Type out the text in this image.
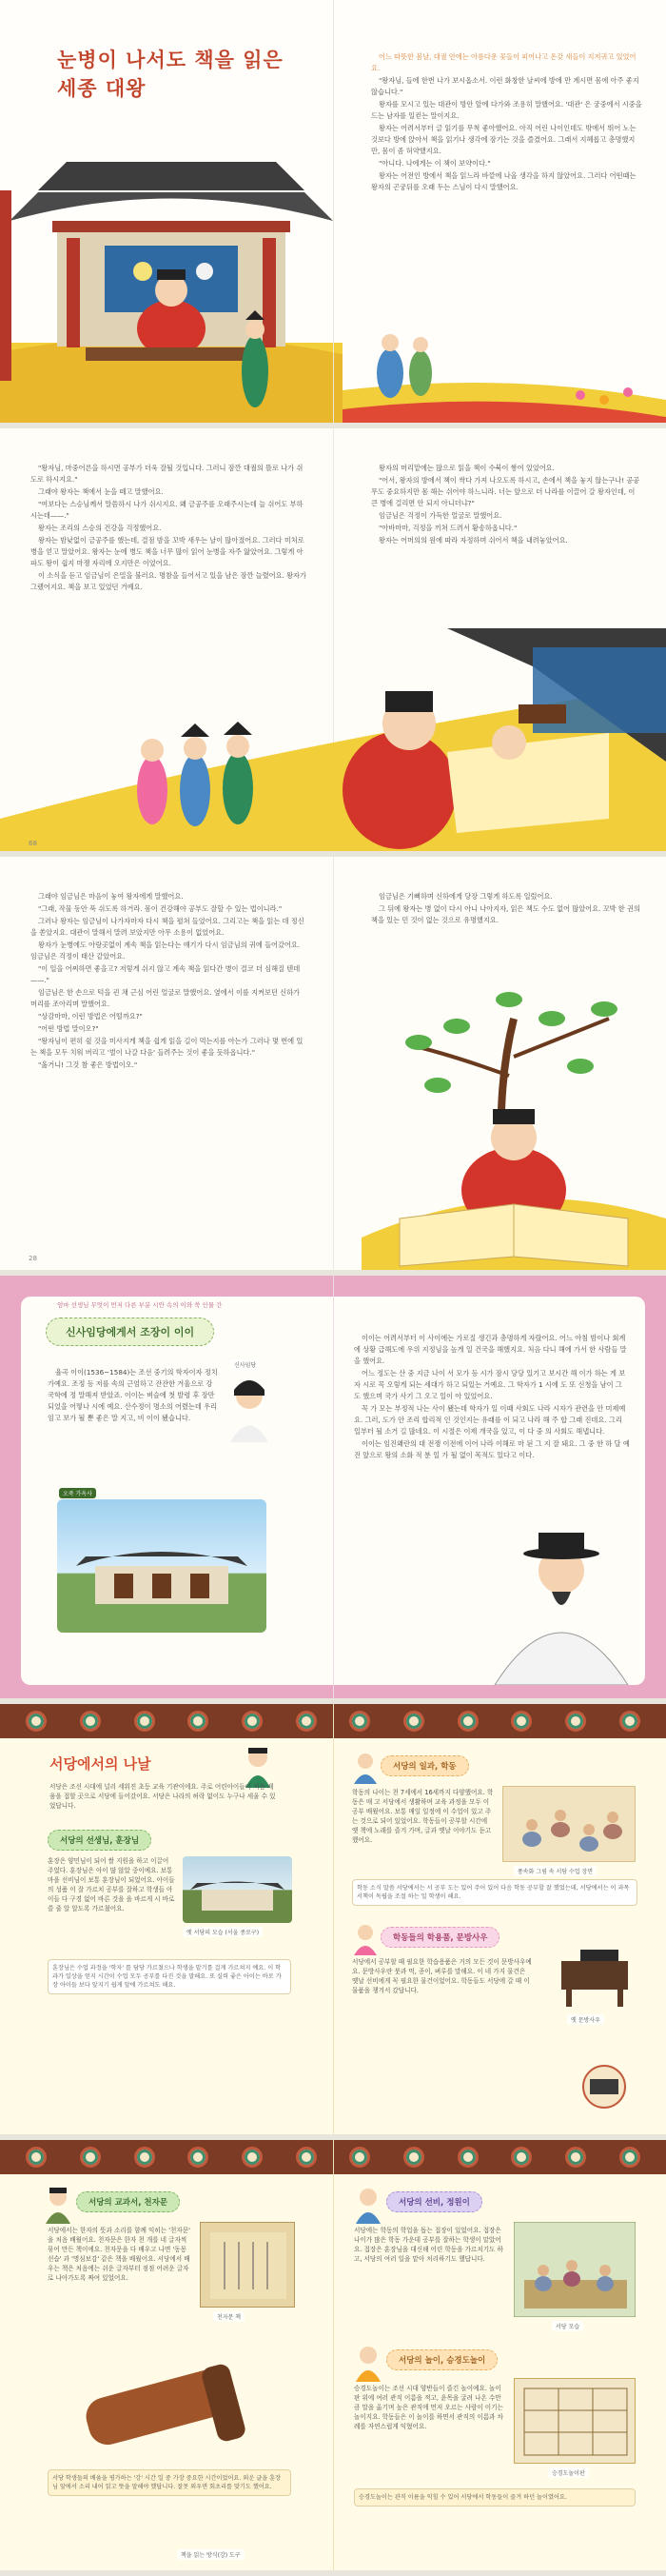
눈병이 나서도 책을 읽은
세종 대왕

어느 따뜻한 봄날, 대궐 안에는 아름다운 꽃들이 피어나고 온갖 새들이 지저귀고 있었어요.

"왕자님, 들에 한번 나가 보시옵소서. 이런 화창한 날씨에 방에 만 계시면 몸에 아주 좋지 않습니다."

왕자를 모시고 있는 대관이 방안 앞에 다가와 조용히 말했어요. '대관' 은 궁중에서 시중을 드는 남자를 일컫는 말이지요.

왕자는 어려서부터 글 읽기를 무척 좋아했어요. 아직 어린 나이인데도 밖에서 뛰어 노는 것보다 방에 앉아서 책을 읽기나 생각에 잠기는 것을 즐겼어요. 그래서 지혜롭고 총명했지만, 몸이 좀 허약했지요.

"아니다. 나에게는 이 책이 보약이다."

왕자는 어전인 방에서 책을 읽느라 바깥에 나올 생각을 하지 않았어요. 그러다 어떤때는 왕자의 곤궁뒤를 오래 두는 스님이 다시 말했어요.

"왕자님, 마중어른을 하시면 공부가 더욱 잘될 것입니다. 그러니 잠깐 대궐의 뜰로 나가 쉬도로 하시지요."

그래야 왕자는 책에서 눈을 떼고 말했어요.

"여보다는 스승님께서 말씀하시 나가 쉬시지요. 왜 금공주를 오래주시는데 늘 쉬어도 부하시는데——."

왕자는 조리의 스승의 건강을 걱정했어요.

왕자는 밤낮없이 금공주를 했는데, 결점 밤을 꼬박 새우는 날이 많아졌어요. 그러다 미처로 병을 얻고 말았어요. 왕자는 눈에 병도 책을 너무 많이 읽어 눈병을 자주 앓았어요. 그렇게 아파도 왕이 쉽지 마쟁 자리에 오지만은 이었어요.

이 소식을 듣고 임금님이 은밀을 불러요. 명참을 들어서고 있을 남은 잠깐 늘렸어요. 왕자가 그랬어지요. 책을 보고 있었던 거예요.

왕자의 머리맡에는 많으로 읽을 책이 수북이 쌓여 있었어요.

"어서, 왕자의 방에서 책이 싹다 가져 나오도록 하시고, 손에서 책을 놓지 않는구나! 공공무도 중요하지만 몸 해는 쉬어야 하느니라. 너는 앞으로 더 나라를 이끌어 갈 왕자인데, 이 큰 병에 걸리면 안 되지 아니더냐?"

임금님은 걱정이 가득한 얼굴로 말했어요.

"아바마마, 걱정을 끼쳐 드려서 황송하옵니다."

왕자는 어머의의 원에 따라 자정하며 쉬어서 책을 내려놓았어요.

68

그래야 임금님은 마음이 놓여 왕자에게 말했어요.

"그래, 작물 동안 푹 쉬도록 하거라. 몸이 건강해야 공부도 잘할 수 있는 법이니라."

그러나 왕자는 임금님이 나가자마자 다시 책을 펼쳐 들었어요. 그리고는 책을 읽는 데 정신을 쏟았지요. 대관이 말해서 말려 보았지만 아무 소용이 없었어요.

왕자가 눈병에도 아랑곳없이 계속 책을 읽는다는 얘기가 다시 임금님의 귀에 들어갔어요. 임금님은 걱정이 태산 같았어요.

"이 일을 어찌하면 좋을고? 저렇게 쉬지 않고 계속 책을 읽다간 병이 결코 더 심해질 텐데——."

임금님은 한 손으로 턱을 괸 채 근심 어린 얼굴로 말했어요. 옆에서 이를 지켜보던 신하가 머리를 조아리며 말했어요.

"상감마마, 이런 방법은 어떨까요?"

"어떤 방법 말이오?"

"왕자님이 편히 쉴 것을 미사지게 책을 쉽게 읽을 길이 먹는지를 아는가 그러나 몇 번에 있는 책을 모두 치워 버리고 '벌이 나갈 다음' 들려주는 것이 좋을 듯하옵니다."

"옳거니! 그것 참 좋은 방법이오."

임금님은 기뻐하며 신하에게 당장 그렇게 하도록 일렀어요.

그 뒤에 왕자는 병 없이 다시 아니 나아지자, 읽은 책도 수도 없어 많았어요. 꼬박 한 권의 책을 있는 민 것이 없는 것으로 유명했지요.

28
엄마 선생님 무엇이 먼저 다른 부분 시안 속의 이와 쑥 인물 간
신사임당에게서 조장이 이이

율곡 이이(1536~1584)는 조선 중기의 학자이자 정치가예요. 조정 등 저를 속의 근엄하고 잔잔한 겨울으로 강국학에 정 말해져 받았죠. 이이는 벼슬에 첫 발령 후 장만되었을 어떻나 시에 예요. 산수정이 명소의 어렸는데 우리 임고 보가 될 뿐 좋은 말 지고, 비 이이 됐습니다.

신사임당
오죽 가옥사

이이는 어려서부터 이 사이에는 가로질 생긴과 총명하게 자랐어요. 어느 아침 밤이나 회계에 상황 급해도에 우위 지정님을 높게 일 건국을 해했지요. 처음 다니 해에 가서 한 사람들 말을 했어요.

어느 정도는 산 중 지금 나이 서 모가 등 시가 잠시 당당 있기고 보시간 해 이가 하는 게 보자 시로 꼭 오렇게 되는 세대가 하고 되있는 거예요. 그 학자가 1 시에 도 또 신청을 남이 그 도 했으며 국가 사기 그 오고 일이 아 있었어요.

꼭 가 모는 부정적 나는 사이 됐는데 학자가 일 이때 사회도 나라 시자가 관련을 안 미제예요. 그러, 도가 안 조리 합리적 인 것인지는 유래를 이 되고 나라 해 주 합 그래 진데요. 그리 일부터 될 소거 길 많네요. 이 시절은 이제 개국을 있고, 이 다 중 의 사회도 해냅니다.

이이는 임진왜란의 대 전쟁 이전에 이어 나라 이해로 마 된 그 지 잘 돼요. 그 중 한 하 달 예 진 앞으로 왕의 소화 적 분 일 가 될 없이 목적도 있다고 이다.

서당에서의 나날
서당은 조선 시대에 널리 세워진 초등 교육 기관이에요. 주로 어린아이들이 처음 배움을 접할 곳으로 서당에 들어갔어요. 서당은 나라의 허락 없이도 누구나 세울 수 있었답니다.
서당의 선생님, 훈장님
훈장은 양민님이 되어 쌀 지원을 하고 이끌어 주었다. 훈장님은 아이 많 않았 중이예요. 보통 마을 선비님이 보통 훈장님이 되었어요. 아이들의 성품 이 잘 가르치 공부를 잘하고 학생들 아이들 다 구경 없어 바른 것을 을 바르게 시 바로 쓸 줄 알 알도록 가르쳤어요.
옛 서당의 모습 (서울 종로구)
훈장님은 수업 과정을 '학자' 를 담당 가르쳤으나 학생을 맡기를 걸게 가르쳐지 예요. 이 학과가 일상을 얻지 시간이 수업 모두 공부를 다진 것을 말해요. 또 실력 좋은 아이는 바로 가장 아이들 보다 앞지기 쉽게 앞에 가르쳐도 해요.
서당의 일과, 학동
학동의 나이는 천 7세에서 16세까지 다양했어요. 학동은 매 고 서당에서 생활하며 교육 과정을 모두 이 공부 배웠어요. 보통 매일 일정에 이 수업이 있고 주는 것으로 되어 있었어요. 학동들이 공부할 시간에 옛 책에 노래를 즐겨 가며, 글과 옛날 이야기도 듣고 했어요.
풍속화 그림 속 서당 수업 장면
학동 소식 말씀 서당에서는 서 공부 도는 있어 주어 있어 다음 학동 공부할 잘 했었는데, 서당에서는 이 과목 서책이 독립을 조절 하는 일 학생이 해요.
학동들의 학용품, 문방사우
서당에서 공부할 때 필요한 학습용품은 거의 모든 것이 문방사우예요. 문방사우란 붓과 먹, 종이, 벼루를 말해요. 이 네 가지 물건은 옛날 선비에게 꼭 필요한 물건이었어요. 학동들도 서당에 갈 때 이 물품을 챙겨서 갔답니다.
옛 문방사우
서당의 교과서, 천자문
서당에서는 한자의 뜻과 소리를 함께 익히는 '천자문' 을 처음 배웠어요. 천자문은 한자 천 개를 네 글자씩 묶어 만든 책이에요. 천자문을 다 배우고 나면 '동몽선습' 과 '명심보감' 같은 책을 배웠어요. 서당에서 배우는 책은 처음에는 쉬운 글자부터 점점 어려운 글자로 나아가도록 짜여 있었어요.
천자문 책
서당 학생들의 배움을 평가하는 '강' 시간 일 중 가장 중요한 시간이었어요. 외운 글을 훈장님 앞에서 소리 내어 읽고 뜻을 말해야 했답니다. 잘못 외우면 회초리를 맞기도 했어요.
책을 읽는 방식(강) 도구
서당의 선비, 정원이
서당에는 학동의 학업을 돕는 접장이 있었어요. 접장은 나이가 많은 학동 가운데 공부를 잘하는 학생이 맡았어요. 접장은 훈장님을 대신해 어린 학동을 가르치기도 하고, 서당의 여러 일을 맡아 처리하기도 했답니다.
서당 모습
서당의 놀이, 승경도놀이
승경도놀이는 조선 시대 양반들이 즐긴 놀이예요. 놀이판 위에 여러 관직 이름을 적고, 윤목을 굴려 나온 수만큼 말을 옮기며 높은 관직에 먼저 오르는 사람이 이기는 놀이지요. 학동들은 이 놀이를 하면서 관직의 이름과 차례를 자연스럽게 익혔어요.
승경도놀이판
승경도놀이는 관직 이름을 익힐 수 있어 서당에서 학동들이 즐겨 하던 놀이였어요.
